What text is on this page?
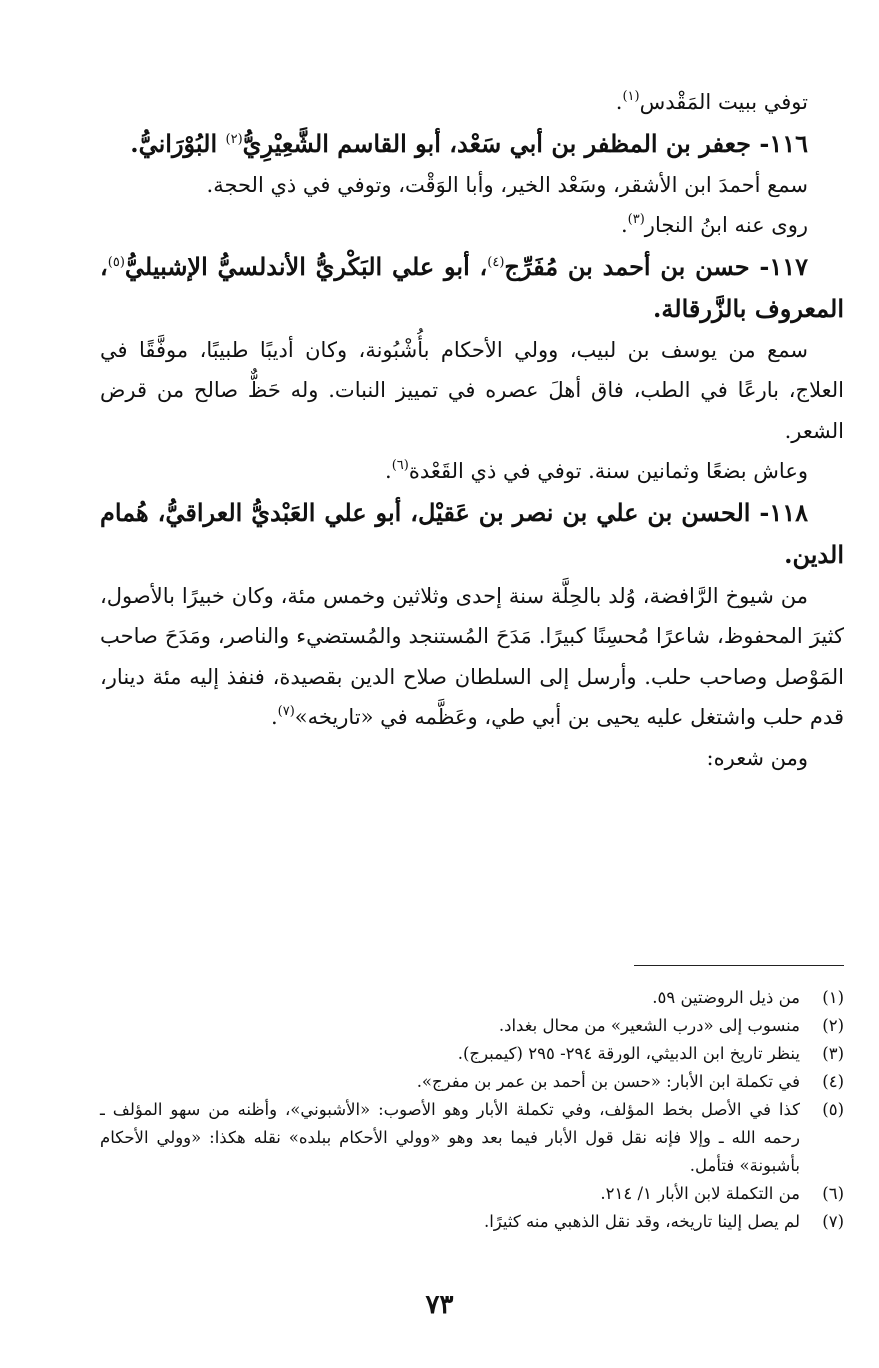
توفي ببيت المَقْدس$^{(١)}$.

١١٦- جعفر بن المظفر بن أبي سَعْد، أبو القاسم الشَّعِيْرِيُّ$^{(٢)}$ البُوْرَانيُّ.

سمع أحمدَ ابن الأشقر، وسَعْد الخير، وأبا الوَقْت، وتوفي في ذي الحجة.

روى عنه ابنُ النجار$^{(٣)}$.

١١٧- حسن بن أحمد بن مُفَرِّج$^{(٤)}$، أبو علي البَكْريُّ الأندلسيُّ الإشبيليُّ$^{(٥)}$، المعروف بالزَّرقالة.

سمع من يوسف بن لبيب، وولي الأحكام بأُشْبُونة، وكان أديبًا طبيبًا، موفَّقًا في العلاج، بارعًا في الطب، فاق أهلَ عصره في تمييز النبات. وله حَظٌّ صالح من قرض الشعر.

وعاش بضعًا وثمانين سنة. توفي في ذي القَعْدة$^{(٦)}$.

١١٨- الحسن بن علي بن نصر بن عَقيْل، أبو علي العَبْديُّ العراقيُّ، هُمام الدين.

من شيوخ الرَّافضة، وُلد بالحِلَّة سنة إحدى وثلاثين وخمس مئة، وكان خبيرًا بالأصول، كثيرَ المحفوظ، شاعرًا مُحسِنًا كبيرًا. مَدَحَ المُستنجد والمُستضيء والناصر، ومَدَحَ صاحب المَوْصل وصاحب حلب. وأرسل إلى السلطان صلاح الدين بقصيدة، فنفذ إليه مئة دينار، قدم حلب واشتغل عليه يحيى بن أبي طي، وعَظَّمه في «تاريخه»$^{(٧)}$.

ومن شعره:

(١)
من ذيل الروضتين ٥٩.
(٢)
منسوب إلى «درب الشعير» من محال بغداد.
(٣)
ينظر تاريخ ابن الدبيثي، الورقة ٢٩٤- ٢٩٥ (كيمبرج).
(٤)
في تكملة ابن الأبار: «حسن بن أحمد بن عمر بن مفرج».
(٥)
كذا في الأصل بخط المؤلف، وفي تكملة الأبار وهو الأصوب: «الأشبوني»، وأظنه من سهو المؤلف ـ رحمه الله ـ وإلا فإنه نقل قول الأبار فيما بعد وهو «وولي الأحكام ببلده» نقله هكذا: «وولي الأحكام بأشبونة» فتأمل.
(٦)
من التكملة لابن الأبار ١/ ٢١٤.
(٧)
لم يصل إلينا تاريخه، وقد نقل الذهبي منه كثيرًا.
٧٣
